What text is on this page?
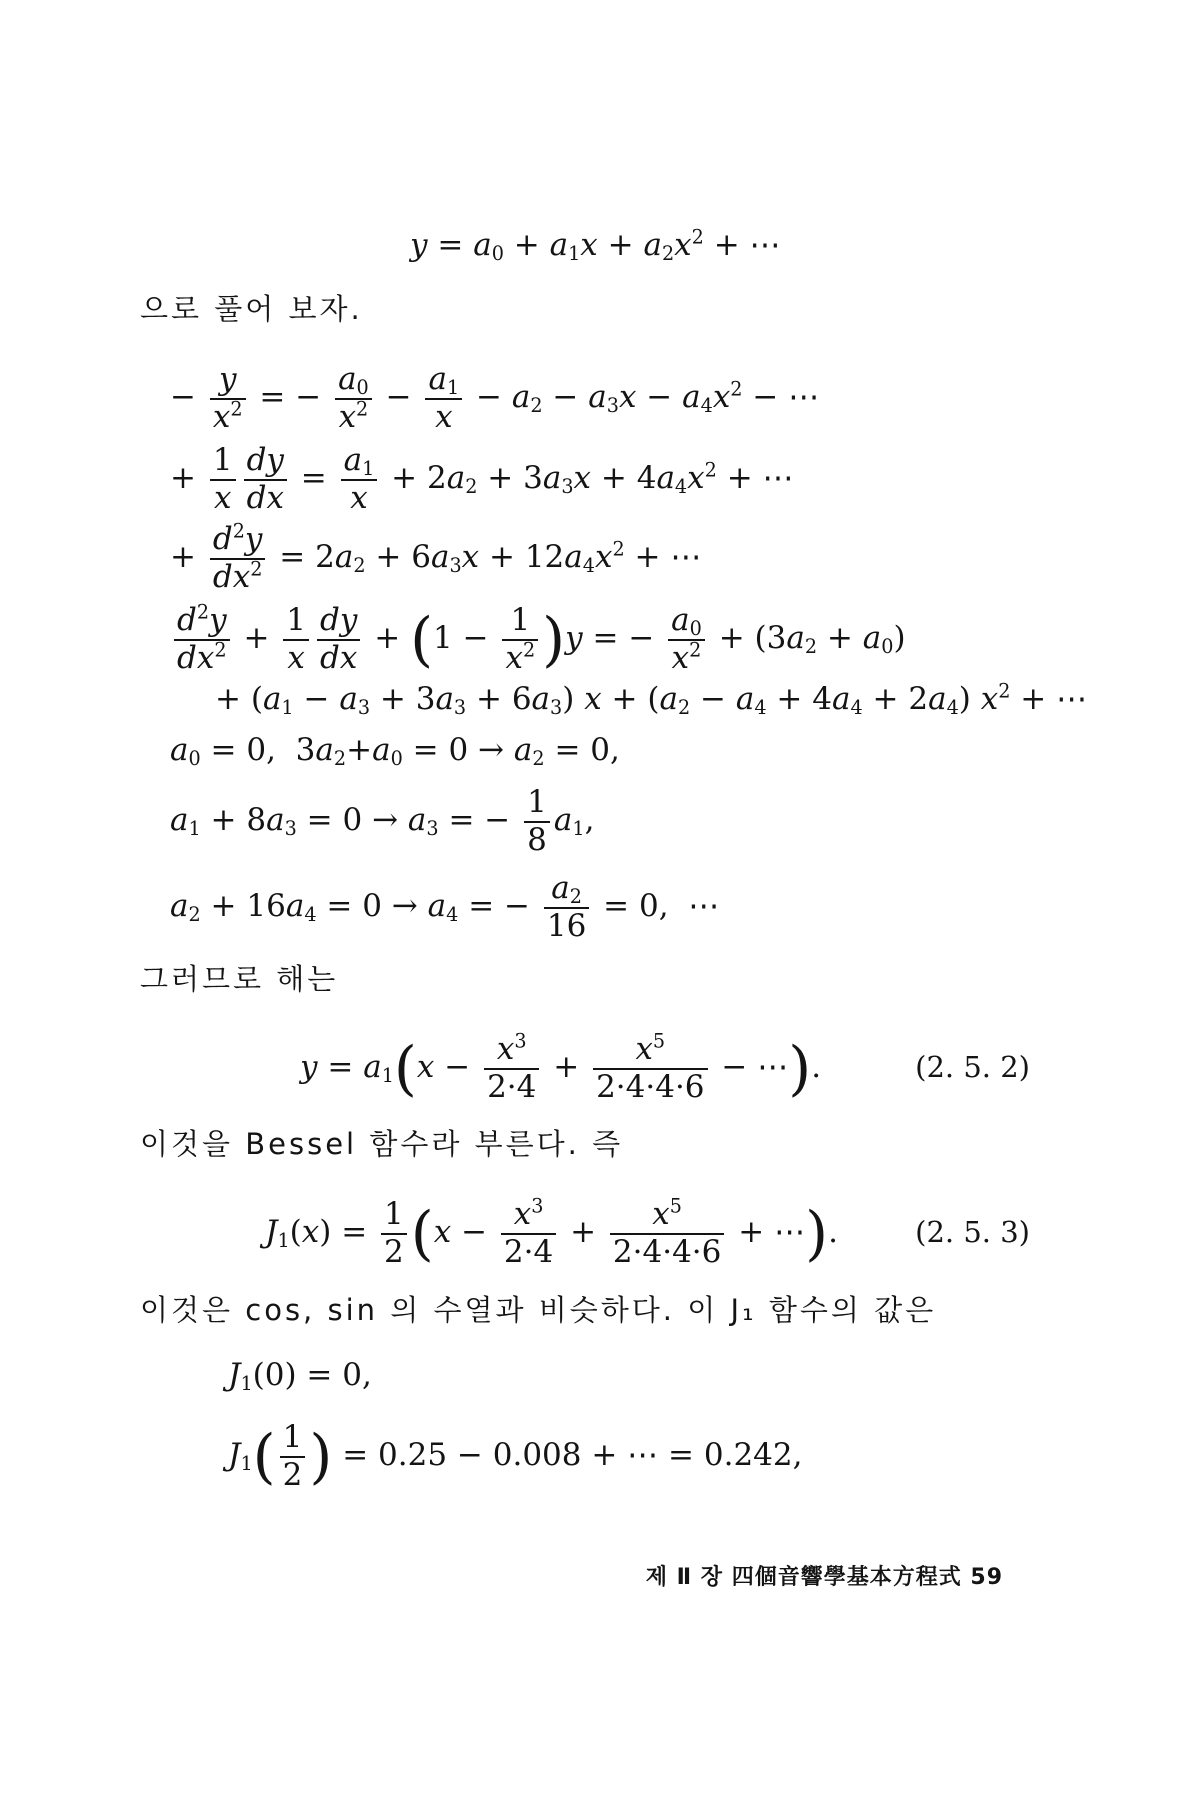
$y = a_0 + a_1x + a_2x^2$ + ⋯
으로 풀어 보자.
− $\frac{y}{x^2}$ = − $\frac{a_0}{x^2} - \frac{a_1}{x} - a_2 - a_3x - a_4x^2$ − ⋯
+ $\frac{1}{x} \frac{dy}{dx} = \frac{a_1}{x} + 2a_2 + 3a_3x + 4a_4x^2$ + ⋯
+ $\frac{d^2y}{dx^2} = 2a_2 + 6a_3x + 12a_4x^2$ + ⋯
$\frac{d^2y}{dx^2} + \frac{1}{x} \frac{dy}{dx} + (1 - \frac{1}{x^2} )y$ = − $\frac{a_0}{x^2} + (3a_2 + a_0)$
+ $(a_1 - a_3 + 3a_3 + 6a_3) x + (a_2 - a_4 + 4a_4 + 2a_4) x^2$ + ⋯
$a_0 = 0$,  $3a_2+a_0 = 0 \to a_2 = 0$,
$a_1 + 8a_3 = 0 \to a_3$ = − $\frac{1}{8} a_1$,
$a_2 + 16a_4 = 0 \to a_4$ = − $\frac{a_2}{16} = 0$,  ⋯
그러므로 해는
$y = a_1(x - \frac{x^3}{2\cdot 4} + \frac{x^5}{2\cdot 4\cdot 4\cdot 6}$ − ⋯).	(2. 5. 2)
이것을 Bessel 함수라 부른다. 즉
$J_1(x) = \frac{1}{2} (x - \frac{x^3}{2\cdot 4} + \frac{x^5}{2\cdot 4\cdot 4\cdot 6}$ + ⋯).	(2. 5. 3)
이것은 cos, sin 의 수열과 비슷하다. 이 J₁ 함수의 값은
$J_1(0) = 0$,
$J_1( \frac{1}{2}$ ) = 0.25 − 0.008 + ⋯ = 0.242,
제 Ⅱ 장 四個音響學基本方程式 59
